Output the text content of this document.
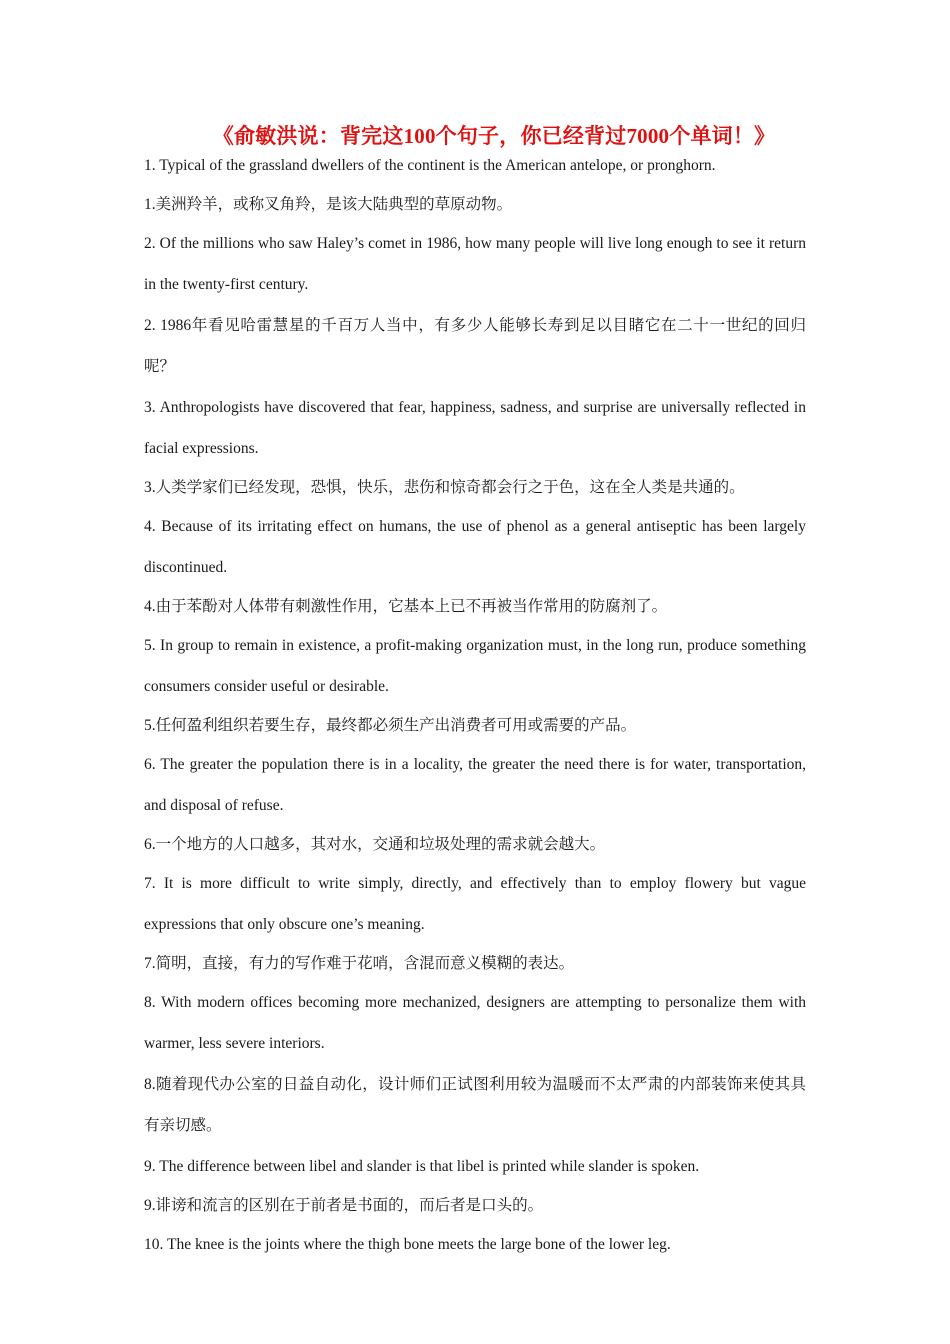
《俞敏洪说：背完这100个句子，你已经背过7000个单词！》

1. Typical of the grassland dwellers of the continent is the American antelope, or pronghorn.

1.美洲羚羊，或称叉角羚，是该大陆典型的草原动物。

2. Of the millions who saw Haley’s comet in 1986, how many people will live long enough to see it return in the twenty-first century.

2. 1986年看见哈雷慧星的千百万人当中，有多少人能够长寿到足以目睹它在二十一世纪的回归呢？

3. Anthropologists have discovered that fear, happiness, sadness, and surprise are universally reflected in facial expressions.

3.人类学家们已经发现，恐惧，快乐，悲伤和惊奇都会行之于色，这在全人类是共通的。

4. Because of its irritating effect on humans, the use of phenol as a general antiseptic has been largely discontinued.

4.由于苯酚对人体带有刺激性作用，它基本上已不再被当作常用的防腐剂了。

5. In group to remain in existence, a profit-making organization must, in the long run, produce something consumers consider useful or desirable.

5.任何盈利组织若要生存，最终都必须生产出消费者可用或需要的产品。

6. The greater the population there is in a locality, the greater the need there is for water, transportation, and disposal of refuse.

6.一个地方的人口越多，其对水，交通和垃圾处理的需求就会越大。

7. It is more difficult to write simply, directly, and effectively than to employ flowery but vague expressions that only obscure one’s meaning.

7.简明，直接，有力的写作难于花哨，含混而意义模糊的表达。

8. With modern offices becoming more mechanized, designers are attempting to personalize them with warmer, less severe interiors.

8.随着现代办公室的日益自动化，设计师们正试图利用较为温暖而不太严肃的内部装饰来使其具有亲切感。

9. The difference between libel and slander is that libel is printed while slander is spoken.

9.诽谤和流言的区别在于前者是书面的，而后者是口头的。

10. The knee is the joints where the thigh bone meets the large bone of the lower leg.
